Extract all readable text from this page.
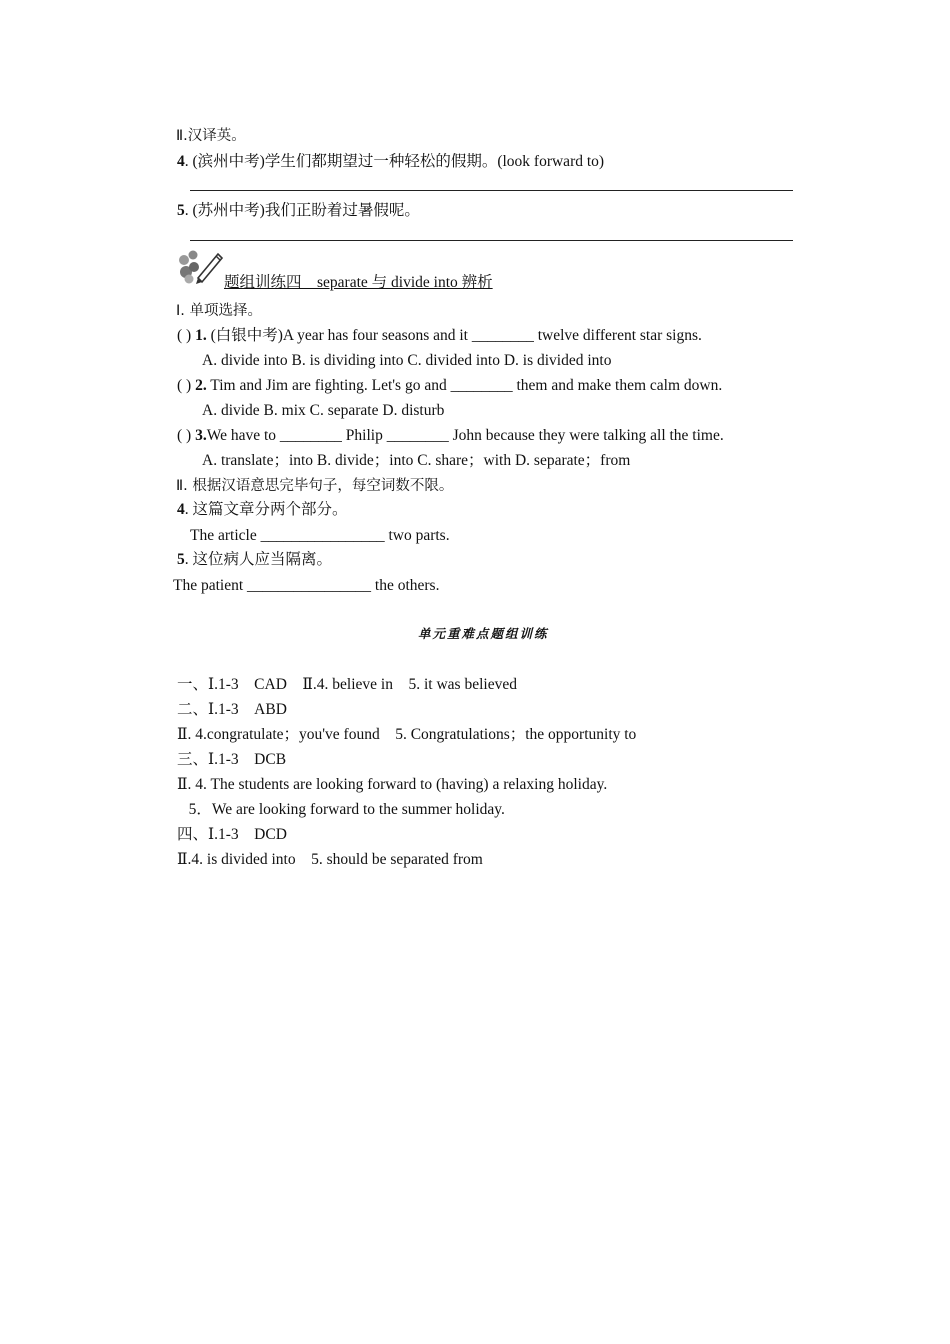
Ⅱ.汉译英。
4. (滨州中考)学生们都期望过一种轻松的假期。(look forward to)
5. (苏州中考)我们正盼着过暑假呢。
题组训练四　separate 与 divide into 辨析
Ⅰ. 单项选择。
( ) 1. (白银中考)A year has four seasons and it ________ twelve different star signs.
A. divide into B. is dividing into C. divided into D. is divided into
( ) 2. Tim and Jim are fighting. Let's go and ________ them and make them calm down.
A. divide B. mix C. separate D. disturb
( ) 3.We have to ________ Philip ________ John because they were talking all the time.
A. translate；into B. divide；into C. share；with D. separate；from
Ⅱ. 根据汉语意思完毕句子，每空词数不限。
4. 这篇文章分两个部分。
The article ________________ two parts.
5. 这位病人应当隔离。
The patient ________________ the others.
单元重难点题组训练
一、Ⅰ.1-3　CAD　Ⅱ.4. believe in　5. it was believed
二、Ⅰ.1-3　ABD
Ⅱ. 4.congratulate；you've found　5. Congratulations；the opportunity to
三、Ⅰ.1-3　DCB
Ⅱ. 4. The students are looking forward to (having) a relaxing holiday.
5．We are looking forward to the summer holiday.
四、Ⅰ.1-3　DCD
Ⅱ.4. is divided into　5. should be separated from
